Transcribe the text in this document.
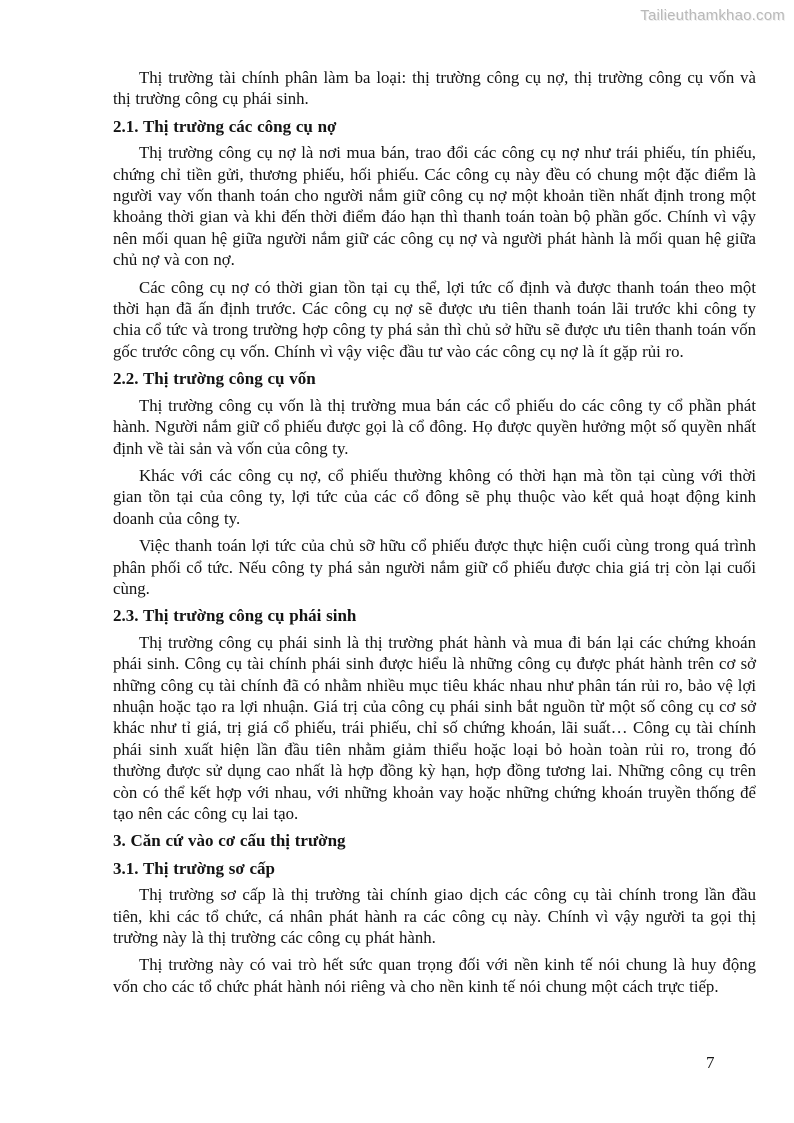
Tailieuthamkhao.com

Thị trường tài chính phân làm ba loại: thị trường công cụ nợ, thị trường công cụ vốn và thị trường công cụ phái sinh.

2.1. Thị trường các công cụ nợ

Thị trường công cụ nợ là nơi mua bán, trao đổi các công cụ nợ như trái phiếu, tín phiếu, chứng chỉ tiền gửi, thương phiếu, hối phiếu. Các công cụ này đều có chung một đặc điểm là người vay vốn thanh toán cho người nắm giữ công cụ nợ một khoản tiền nhất định trong một khoảng thời gian và khi đến thời điểm đáo hạn thì thanh toán toàn bộ phần gốc. Chính vì vậy nên mối quan hệ giữa người nắm giữ các công cụ nợ và người phát hành là mối quan hệ giữa chủ nợ và con nợ.

Các công cụ nợ có thời gian tồn tại cụ thể, lợi tức cố định và được thanh toán theo một thời hạn đã ấn định trước. Các công cụ nợ sẽ được ưu tiên thanh toán lãi trước khi công ty chia cổ tức và trong trường hợp công ty phá sản thì chủ sở hữu sẽ được ưu tiên thanh toán vốn gốc trước công cụ vốn. Chính vì vậy việc đầu tư vào các công cụ nợ là ít gặp rủi ro.

2.2. Thị trường công cụ vốn

Thị trường công cụ vốn là thị trường mua bán các cổ phiếu do các công ty cổ phần phát hành. Người nắm giữ cổ phiếu được gọi là cổ đông. Họ được quyền hưởng một số quyền nhất định về tài sản và vốn của công ty.

Khác với các công cụ nợ, cổ phiếu thường không có thời hạn mà tồn tại cùng với thời gian tồn tại của công ty, lợi tức của các cổ đông sẽ phụ thuộc vào kết quả hoạt động kinh doanh của công ty.

Việc thanh toán lợi tức của chủ sỡ hữu cổ phiếu được thực hiện cuối cùng trong quá trình phân phối cổ tức. Nếu công ty phá sản người nắm giữ cổ phiếu được chia giá trị còn lại cuối cùng.

2.3. Thị trường công cụ phái sinh

Thị trường công cụ phái sinh là thị trường phát hành và mua đi bán lại các chứng khoán phái sinh. Công cụ tài chính phái sinh được hiểu là những công cụ được phát hành trên cơ sở những công cụ tài chính đã có nhằm nhiều mục tiêu khác nhau như phân tán rủi ro, bảo vệ lợi nhuận hoặc tạo ra lợi nhuận. Giá trị của công cụ phái sinh bắt nguồn từ một số công cụ cơ sở khác như tỉ giá, trị giá cổ phiếu, trái phiếu, chỉ số chứng khoán, lãi suất… Công cụ tài chính phái sinh xuất hiện lần đầu tiên nhằm giảm thiểu hoặc loại bỏ hoàn toàn rủi ro, trong đó thường được sử dụng cao nhất là hợp đồng kỳ hạn, hợp đồng tương lai. Những công cụ trên còn có thể kết hợp với nhau, với những khoản vay hoặc những chứng khoán truyền thống để tạo nên các công cụ lai tạo.

3. Căn cứ vào cơ cấu thị trường
3.1. Thị trường sơ cấp

Thị trường sơ cấp là thị trường tài chính giao dịch các công cụ tài chính trong lần đầu tiên, khi các tổ chức, cá nhân phát hành ra các công cụ này. Chính vì vậy người ta gọi thị trường này là thị trường các công cụ phát hành.

Thị trường này có vai trò hết sức quan trọng đối với nền kinh tế nói chung là huy động vốn cho các tổ chức phát hành nói riêng và cho nền kinh tế nói chung một cách trực tiếp.

7
